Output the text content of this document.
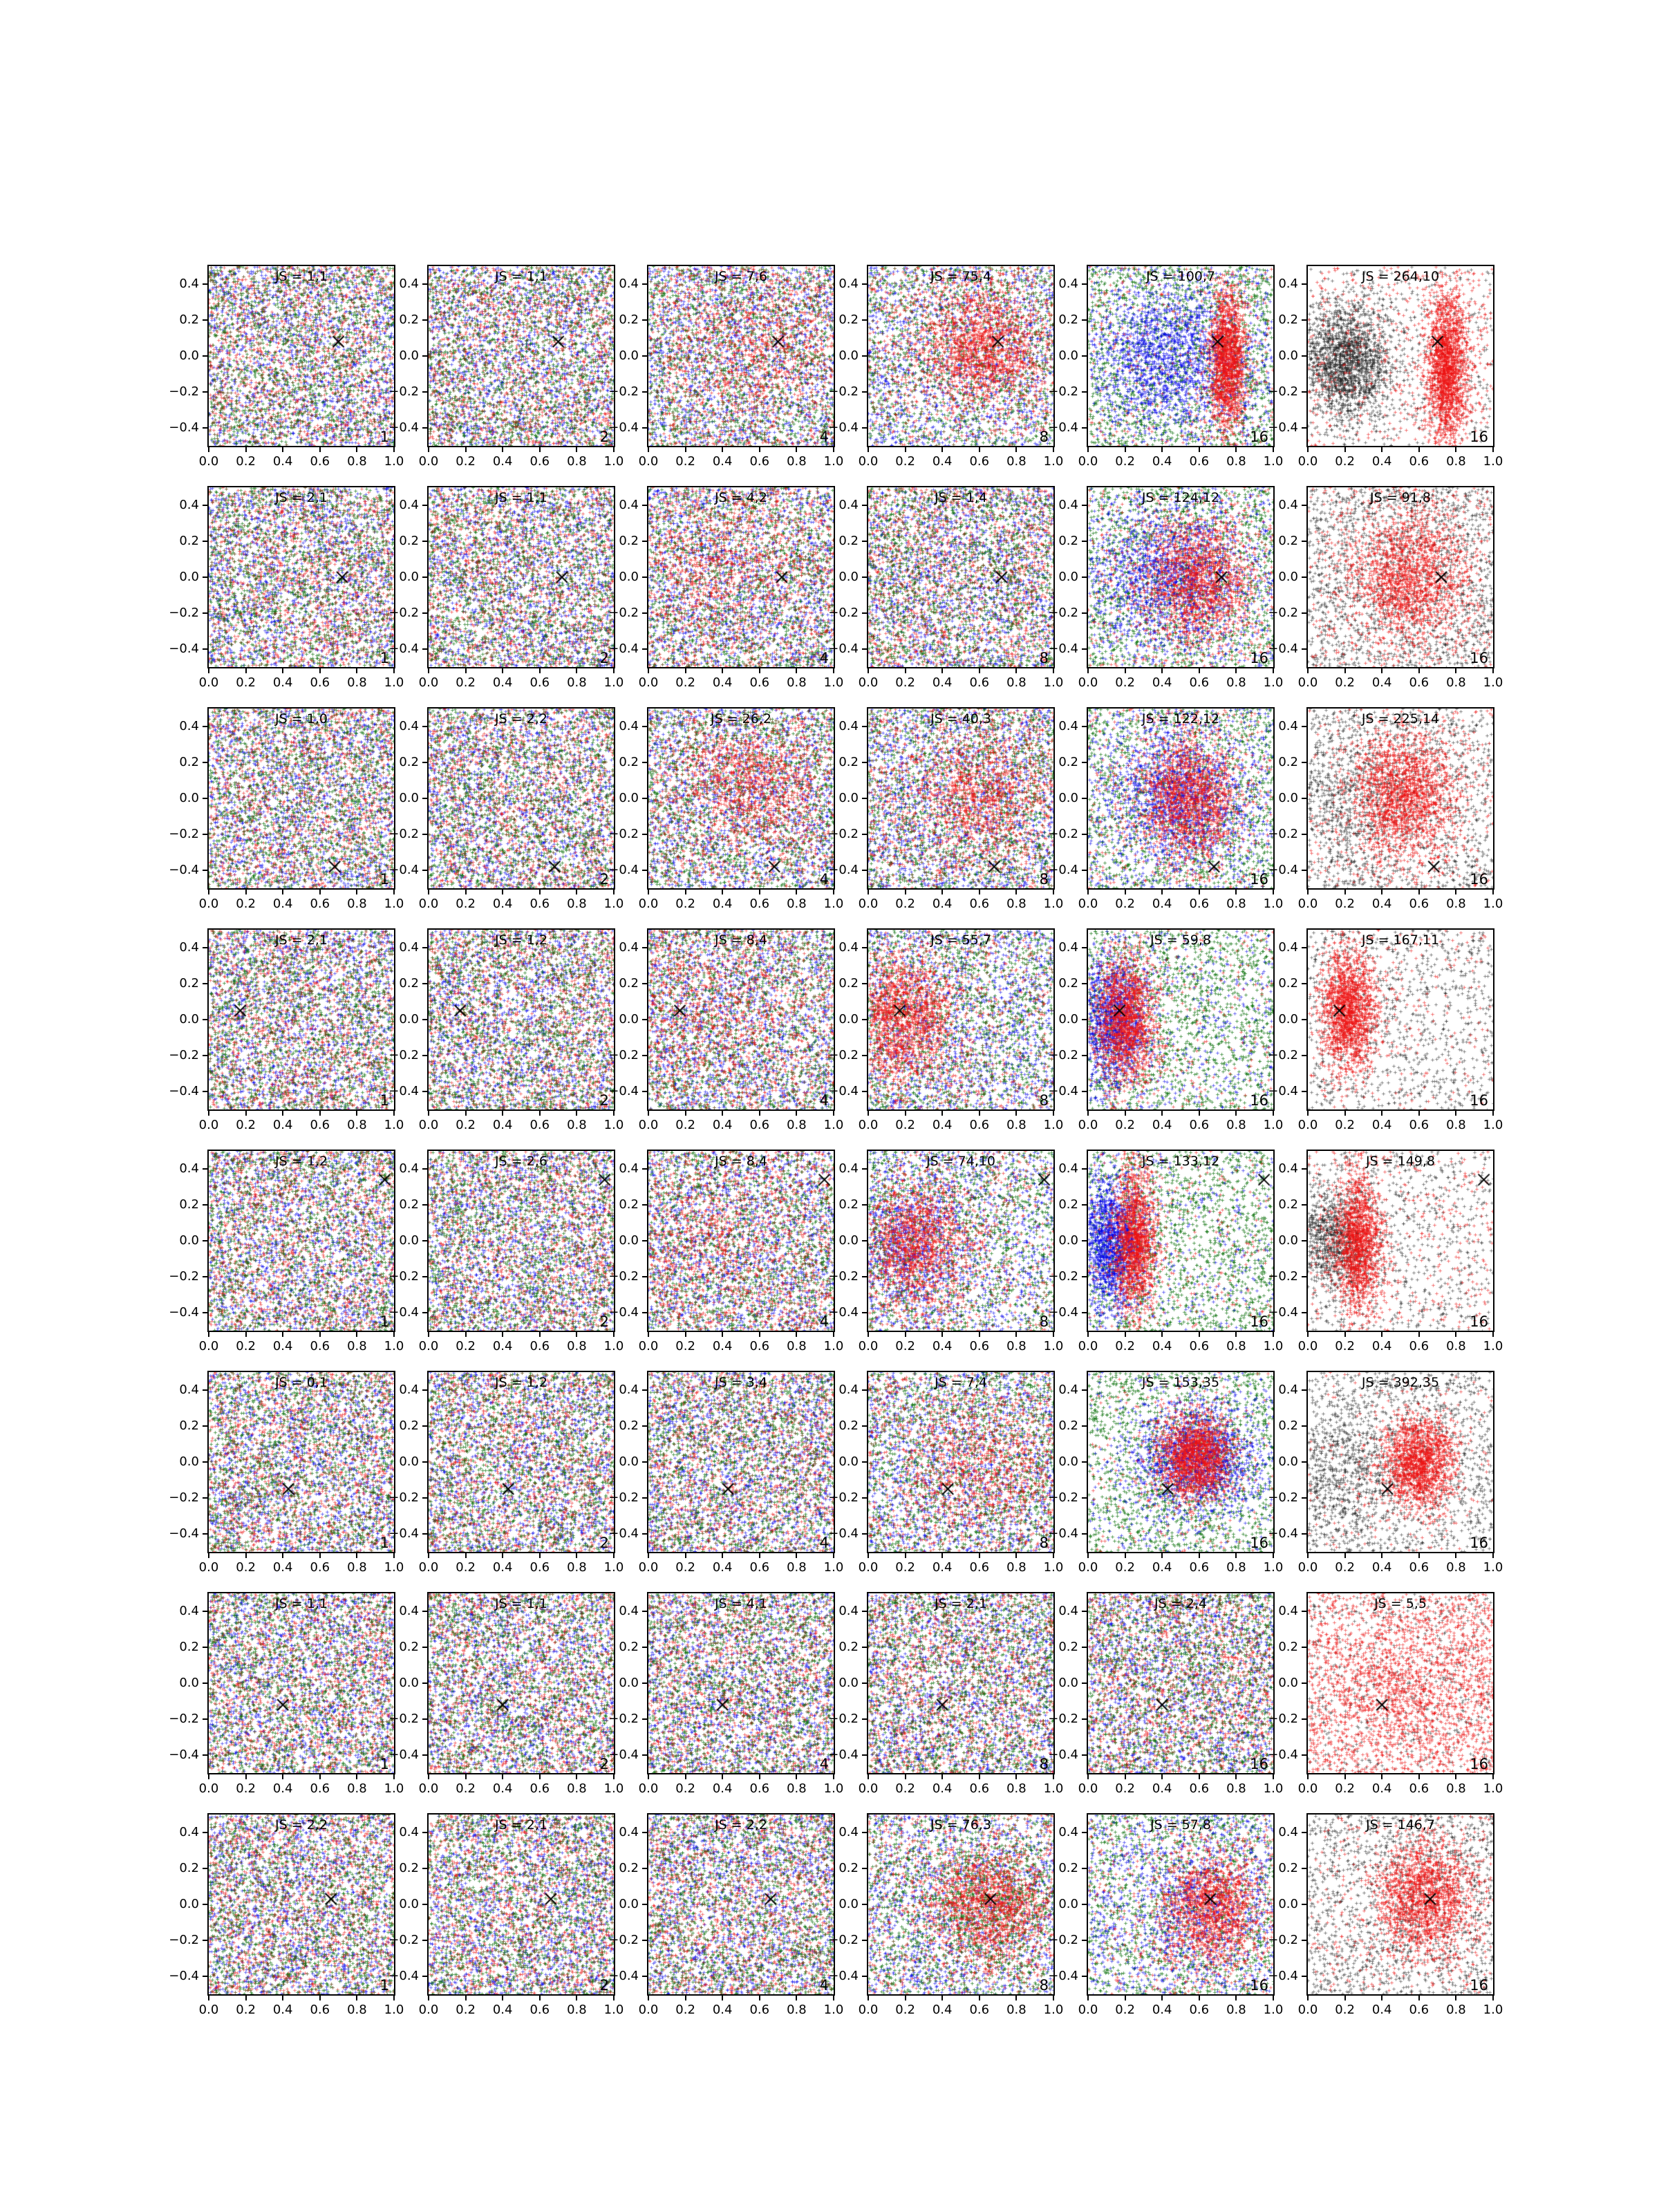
JS = 1,1
1
0.0	0.2	0.4	0.6	0.8	1.0
0.4
0.2
0.0
−0.2
−0.4
JS = 1,1
2
0.0	0.2	0.4	0.6	0.8	1.0
0.4
0.2
0.0
−0.2
−0.4
JS = 7,6
4
0.0	0.2	0.4	0.6	0.8	1.0
0.4
0.2
0.0
−0.2
−0.4
JS = 75,4
8
0.0	0.2	0.4	0.6	0.8	1.0
0.4
0.2
0.0
−0.2
−0.4
JS = 100,7
16
0.0	0.2	0.4	0.6	0.8	1.0
0.4
0.2
0.0
−0.2
−0.4
JS = 264,10
16
0.0	0.2	0.4	0.6	0.8	1.0
0.4
0.2
0.0
−0.2
−0.4
JS = 2,1
1
0.0	0.2	0.4	0.6	0.8	1.0
0.4
0.2
0.0
−0.2
−0.4
JS = 1,1
2
0.0	0.2	0.4	0.6	0.8	1.0
0.4
0.2
0.0
−0.2
−0.4
JS = 4,2
4
0.0	0.2	0.4	0.6	0.8	1.0
0.4
0.2
0.0
−0.2
−0.4
JS = 1,4
8
0.0	0.2	0.4	0.6	0.8	1.0
0.4
0.2
0.0
−0.2
−0.4
JS = 124,12
16
0.0	0.2	0.4	0.6	0.8	1.0
0.4
0.2
0.0
−0.2
−0.4
JS = 91,8
16
0.0	0.2	0.4	0.6	0.8	1.0
0.4
0.2
0.0
−0.2
−0.4
JS = 1,0
1
0.0	0.2	0.4	0.6	0.8	1.0
0.4
0.2
0.0
−0.2
−0.4
JS = 2,2
2
0.0	0.2	0.4	0.6	0.8	1.0
0.4
0.2
0.0
−0.2
−0.4
JS = 26,2
4
0.0	0.2	0.4	0.6	0.8	1.0
0.4
0.2
0.0
−0.2
−0.4
JS = 40,3
8
0.0	0.2	0.4	0.6	0.8	1.0
0.4
0.2
0.0
−0.2
−0.4
JS = 122,12
16
0.0	0.2	0.4	0.6	0.8	1.0
0.4
0.2
0.0
−0.2
−0.4
JS = 225,14
16
0.0	0.2	0.4	0.6	0.8	1.0
0.4
0.2
0.0
−0.2
−0.4
JS = 2,1
1
0.0	0.2	0.4	0.6	0.8	1.0
0.4
0.2
0.0
−0.2
−0.4
JS = 1,2
2
0.0	0.2	0.4	0.6	0.8	1.0
0.4
0.2
0.0
−0.2
−0.4
JS = 8,4
4
0.0	0.2	0.4	0.6	0.8	1.0
0.4
0.2
0.0
−0.2
−0.4
JS = 55,7
8
0.0	0.2	0.4	0.6	0.8	1.0
0.4
0.2
0.0
−0.2
−0.4
JS = 59,8
16
0.0	0.2	0.4	0.6	0.8	1.0
0.4
0.2
0.0
−0.2
−0.4
JS = 167,11
16
0.0	0.2	0.4	0.6	0.8	1.0
0.4
0.2
0.0
−0.2
−0.4
JS = 1,2
1
0.0	0.2	0.4	0.6	0.8	1.0
0.4
0.2
0.0
−0.2
−0.4
JS = 2,6
2
0.0	0.2	0.4	0.6	0.8	1.0
0.4
0.2
0.0
−0.2
−0.4
JS = 8,4
4
0.0	0.2	0.4	0.6	0.8	1.0
0.4
0.2
0.0
−0.2
−0.4
JS = 74,10
8
0.0	0.2	0.4	0.6	0.8	1.0
0.4
0.2
0.0
−0.2
−0.4
JS = 133,12
16
0.0	0.2	0.4	0.6	0.8	1.0
0.4
0.2
0.0
−0.2
−0.4
JS = 149,8
16
0.0	0.2	0.4	0.6	0.8	1.0
0.4
0.2
0.0
−0.2
−0.4
JS = 0,1
1
0.0	0.2	0.4	0.6	0.8	1.0
0.4
0.2
0.0
−0.2
−0.4
JS = 1,2
2
0.0	0.2	0.4	0.6	0.8	1.0
0.4
0.2
0.0
−0.2
−0.4
JS = 3,4
4
0.0	0.2	0.4	0.6	0.8	1.0
0.4
0.2
0.0
−0.2
−0.4
JS = 7,4
8
0.0	0.2	0.4	0.6	0.8	1.0
0.4
0.2
0.0
−0.2
−0.4
JS = 153,35
16
0.0	0.2	0.4	0.6	0.8	1.0
0.4
0.2
0.0
−0.2
−0.4
JS = 392,35
16
0.0	0.2	0.4	0.6	0.8	1.0
0.4
0.2
0.0
−0.2
−0.4
JS = 1,1
1
0.0	0.2	0.4	0.6	0.8	1.0
0.4
0.2
0.0
−0.2
−0.4
JS = 1,1
2
0.0	0.2	0.4	0.6	0.8	1.0
0.4
0.2
0.0
−0.2
−0.4
JS = 4,1
4
0.0	0.2	0.4	0.6	0.8	1.0
0.4
0.2
0.0
−0.2
−0.4
JS = 2,1
8
0.0	0.2	0.4	0.6	0.8	1.0
0.4
0.2
0.0
−0.2
−0.4
JS = 2,4
16
0.0	0.2	0.4	0.6	0.8	1.0
0.4
0.2
0.0
−0.2
−0.4
JS = 5,5
16
0.0	0.2	0.4	0.6	0.8	1.0
0.4
0.2
0.0
−0.2
−0.4
JS = 2,2
1
0.0	0.2	0.4	0.6	0.8	1.0
0.4
0.2
0.0
−0.2
−0.4
JS = 2,1
2
0.0	0.2	0.4	0.6	0.8	1.0
0.4
0.2
0.0
−0.2
−0.4
JS = 2,2
4
0.0	0.2	0.4	0.6	0.8	1.0
0.4
0.2
0.0
−0.2
−0.4
JS = 76,3
8
0.0	0.2	0.4	0.6	0.8	1.0
0.4
0.2
0.0
−0.2
−0.4
JS = 57,8
16
0.0	0.2	0.4	0.6	0.8	1.0
0.4
0.2
0.0
−0.2
−0.4
JS = 146,7
16
0.0	0.2	0.4	0.6	0.8	1.0
0.4
0.2
0.0
−0.2
−0.4
